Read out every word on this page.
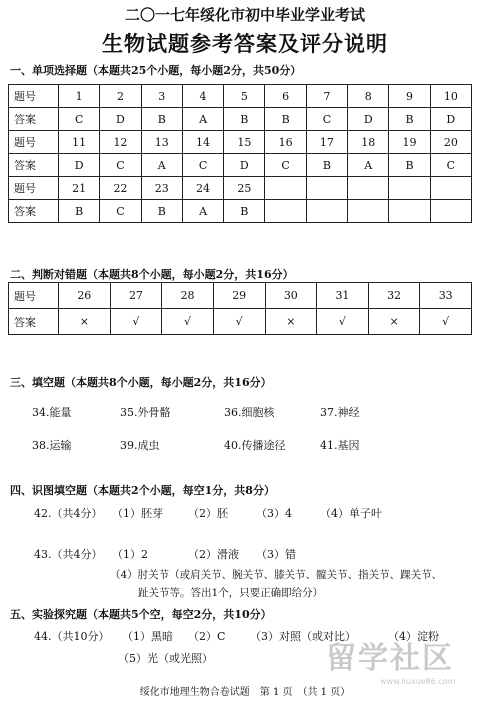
二〇一七年绥化市初中毕业学业考试
生物试题参考答案及评分说明
一、单项选择题（本题共25个小题，每小题2分，共50分）
题号	1	2	3	4	5	6	7	8	9	10
答案	C	D	B	A	B	B	C	D	B	D
题号	11	12	13	14	15	16	17	18	19	20
答案	D	C	A	C	D	C	B	A	B	C
题号	21	22	23	24	25					
答案	B	C	B	A	B					
二、判断对错题（本题共8个小题，每小题2分，共16分）
题号	26	27	28	29	30	31	32	33
答案	×	√	√	√	×	√	×	√
三、填空题（本题共8个小题，每小题2分，共16分）
34.能量	35.外骨骼	36.细胞核	37.神经
38.运输	39.成虫	40.传播途径	41.基因
四、识图填空题（本题共2个小题，每空1分，共8分）
42.（共4分） （1）胚芽 （2）胚	（3）4	（4）单子叶
43.（共4分） （1）2	（2）滑液 （3）错
（4）肘关节（或肩关节、腕关节、膝关节、髋关节、指关节、踝关节、
趾关节等。答出1个，只要正确即给分）
五、实验探究题（本题共5个空，每空2分，共10分）
44.（共10分） （1）黑暗 （2）C （3）对照（或对比）	（4）淀粉
（5）光（或光照）
绥化市地理生物合卷试题　第 1 页　（共 1 页）
留学社区
www.liuxue86.com
